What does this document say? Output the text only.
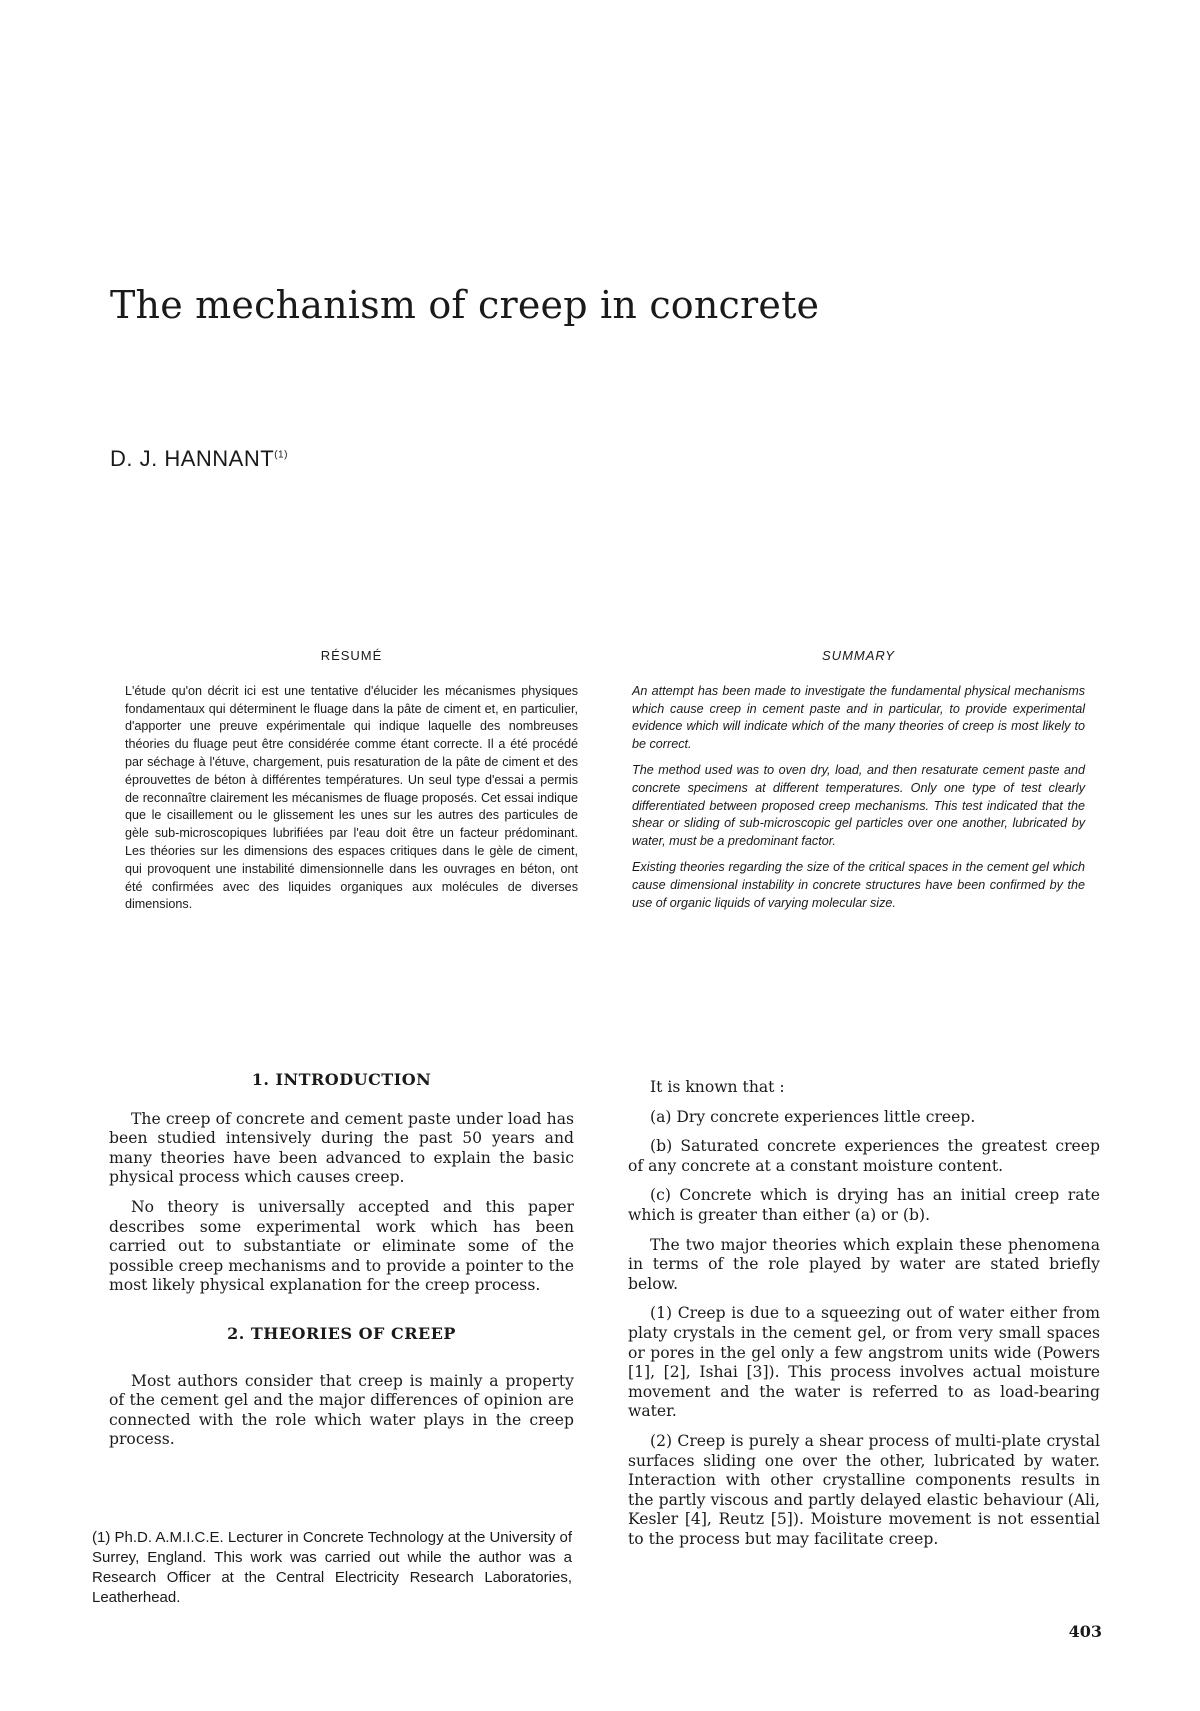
The mechanism of creep in concrete

D. J. HANNANT$^{(1)}$

RÉSUMÉ

L'étude qu'on décrit ici est une tentative d'élucider les mécanismes physiques fondamentaux qui déterminent le fluage dans la pâte de ciment et, en particulier, d'apporter une preuve expérimentale qui indique laquelle des nombreuses théories du fluage peut être considérée comme étant correcte. Il a été procédé par séchage à l'étuve, chargement, puis resaturation de la pâte de ciment et des éprouvettes de béton à différentes températures. Un seul type d'essai a permis de reconnaître clairement les mécanismes de fluage proposés. Cet essai indique que le cisaillement ou le glissement les unes sur les autres des particules de gèle sub-microscopiques lubrifiées par l'eau doit être un facteur prédominant. Les théories sur les dimensions des espaces critiques dans le gèle de ciment, qui provoquent une instabilité dimensionnelle dans les ouvrages en béton, ont été confirmées avec des liquides organiques aux molécules de diverses dimensions.

SUMMARY

An attempt has been made to investigate the fundamental physical mechanisms which cause creep in cement paste and in particular, to provide experimental evidence which will indicate which of the many theories of creep is most likely to be correct.

The method used was to oven dry, load, and then resaturate cement paste and concrete specimens at different temperatures. Only one type of test clearly differentiated between proposed creep mechanisms. This test indicated that the shear or sliding of sub-microscopic gel particles over one another, lubricated by water, must be a predominant factor.

Existing theories regarding the size of the critical spaces in the cement gel which cause dimensional instability in concrete structures have been confirmed by the use of organic liquids of varying molecular size.

1. INTRODUCTION

The creep of concrete and cement paste under load has been studied intensively during the past 50 years and many theories have been advanced to explain the basic physical process which causes creep.

No theory is universally accepted and this paper describes some experimental work which has been carried out to substantiate or eliminate some of the possible creep mechanisms and to provide a pointer to the most likely physical explanation for the creep process.

2. THEORIES OF CREEP

Most authors consider that creep is mainly a property of the cement gel and the major differences of opinion are connected with the role which water plays in the creep process.

It is known that :

(a) Dry concrete experiences little creep.

(b) Saturated concrete experiences the greatest creep of any concrete at a constant moisture content.

(c) Concrete which is drying has an initial creep rate which is greater than either (a) or (b).

The two major theories which explain these phenomena in terms of the role played by water are stated briefly below.

(1) Creep is due to a squeezing out of water either from platy crystals in the cement gel, or from very small spaces or pores in the gel only a few angstrom units wide (Powers [1], [2], Ishai [3]). This process involves actual moisture movement and the water is referred to as load-bearing water.

(2) Creep is purely a shear process of multi-plate crystal surfaces sliding one over the other, lubricated by water. Interaction with other crystalline components results in the partly viscous and partly delayed elastic behaviour (Ali, Kesler [4], Reutz [5]). Moisture movement is not essential to the process but may facilitate creep.

(1) Ph.D. A.M.I.C.E. Lecturer in Concrete Technology at the University of Surrey, England. This work was carried out while the author was a Research Officer at the Central Electricity Research Laboratories, Leatherhead.

403
